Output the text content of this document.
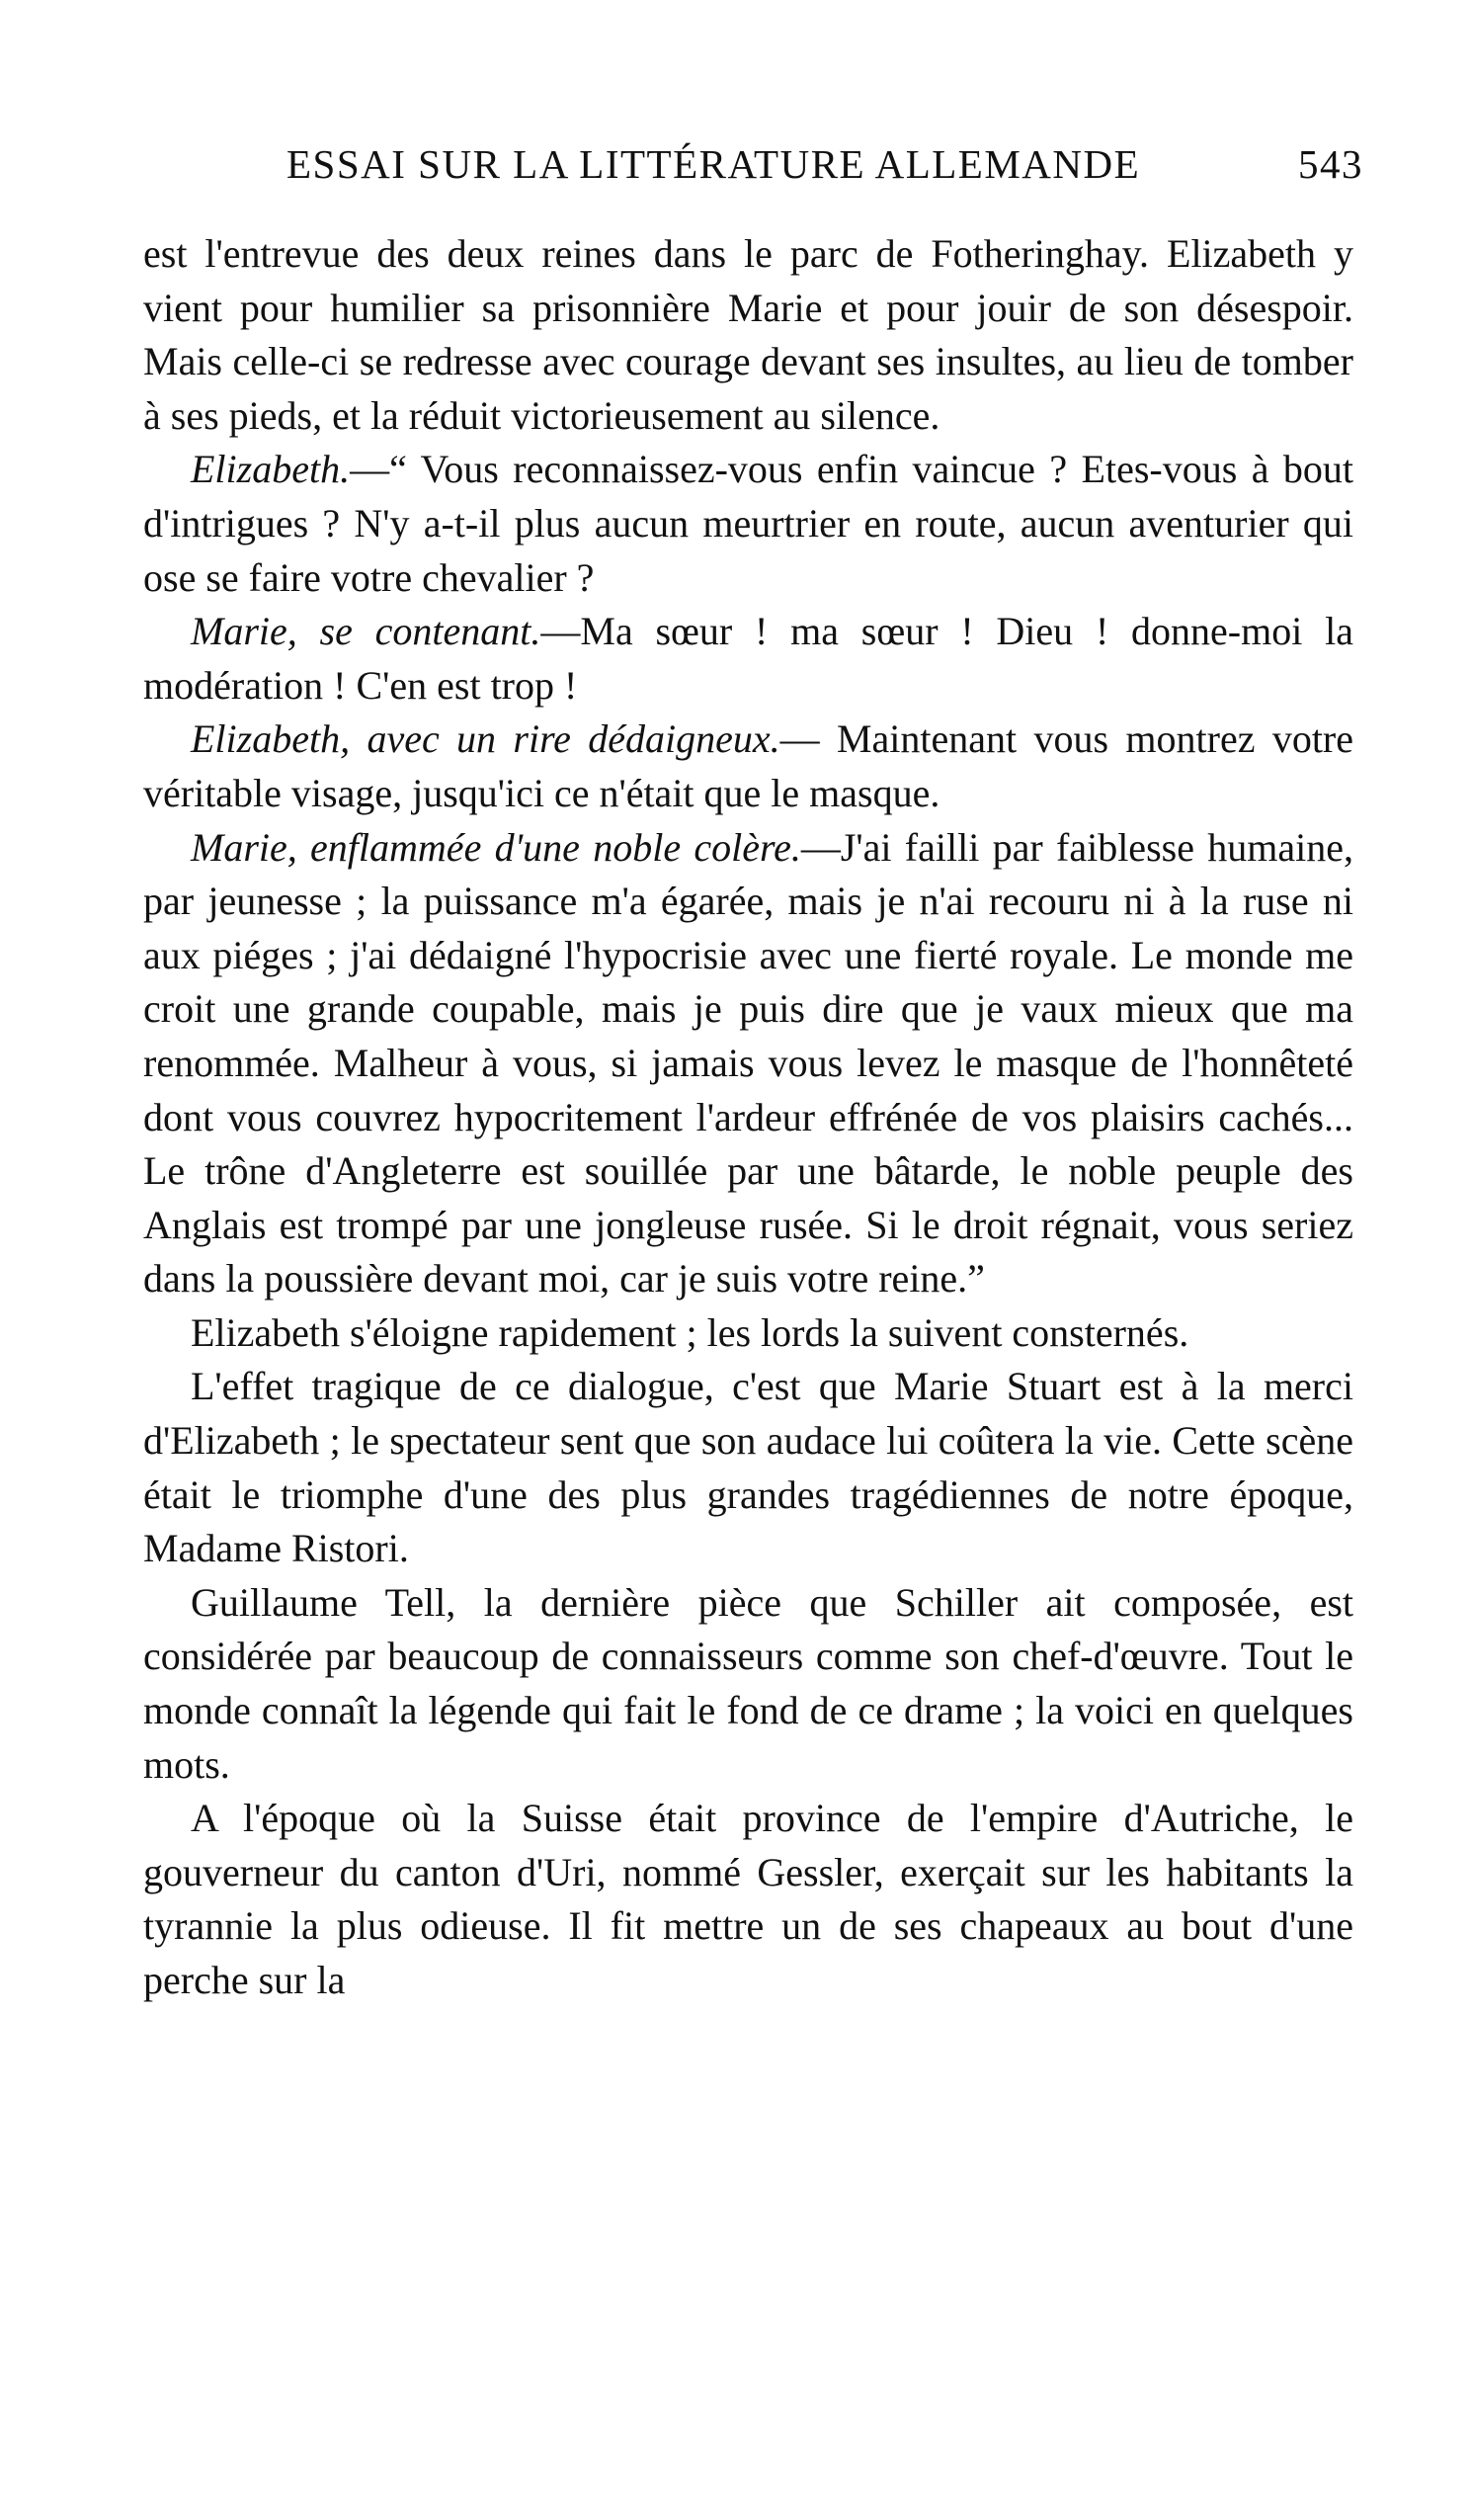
ESSAI SUR LA LITTÉRATURE ALLEMANDE	543

est l'entrevue des deux reines dans le parc de Fotheringhay. Elizabeth y vient pour humilier sa prisonnière Marie et pour jouir de son désespoir. Mais celle-ci se redresse avec courage devant ses insultes, au lieu de tomber à ses pieds, et la réduit victorieusement au silence.

Elizabeth.—“ Vous reconnaissez-vous enfin vaincue ? Etes-vous à bout d'intrigues ? N'y a-t-il plus aucun meurtrier en route, aucun aventurier qui ose se faire votre chevalier ?

Marie, se contenant.—Ma sœur ! ma sœur ! Dieu ! donne-moi la modération ! C'en est trop !

Elizabeth, avec un rire dédaigneux.— Maintenant vous montrez votre véritable visage, jusqu'ici ce n'était que le masque.

Marie, enflammée d'une noble colère.—J'ai failli par faiblesse humaine, par jeunesse ; la puissance m'a égarée, mais je n'ai recouru ni à la ruse ni aux piéges ; j'ai dédaigné l'hypocrisie avec une fierté royale. Le monde me croit une grande coupable, mais je puis dire que je vaux mieux que ma renommée. Malheur à vous, si jamais vous levez le masque de l'honnêteté dont vous couvrez hypocritement l'ardeur effrénée de vos plaisirs cachés... Le trône d'Angleterre est souillée par une bâtarde, le noble peuple des Anglais est trompé par une jongleuse rusée. Si le droit régnait, vous seriez dans la poussière devant moi, car je suis votre reine.”

Elizabeth s'éloigne rapidement ; les lords la suivent consternés.

L'effet tragique de ce dialogue, c'est que Marie Stuart est à la merci d'Elizabeth ; le spectateur sent que son audace lui coûtera la vie. Cette scène était le triomphe d'une des plus grandes tragédiennes de notre époque, Madame Ristori.

Guillaume Tell, la dernière pièce que Schiller ait composée, est considérée par beaucoup de connaisseurs comme son chef-d'œuvre. Tout le monde connaît la légende qui fait le fond de ce drame ; la voici en quelques mots.

A l'époque où la Suisse était province de l'empire d'Autriche, le gouverneur du canton d'Uri, nommé Gessler, exerçait sur les habitants la tyrannie la plus odieuse. Il fit mettre un de ses chapeaux au bout d'une perche sur la
